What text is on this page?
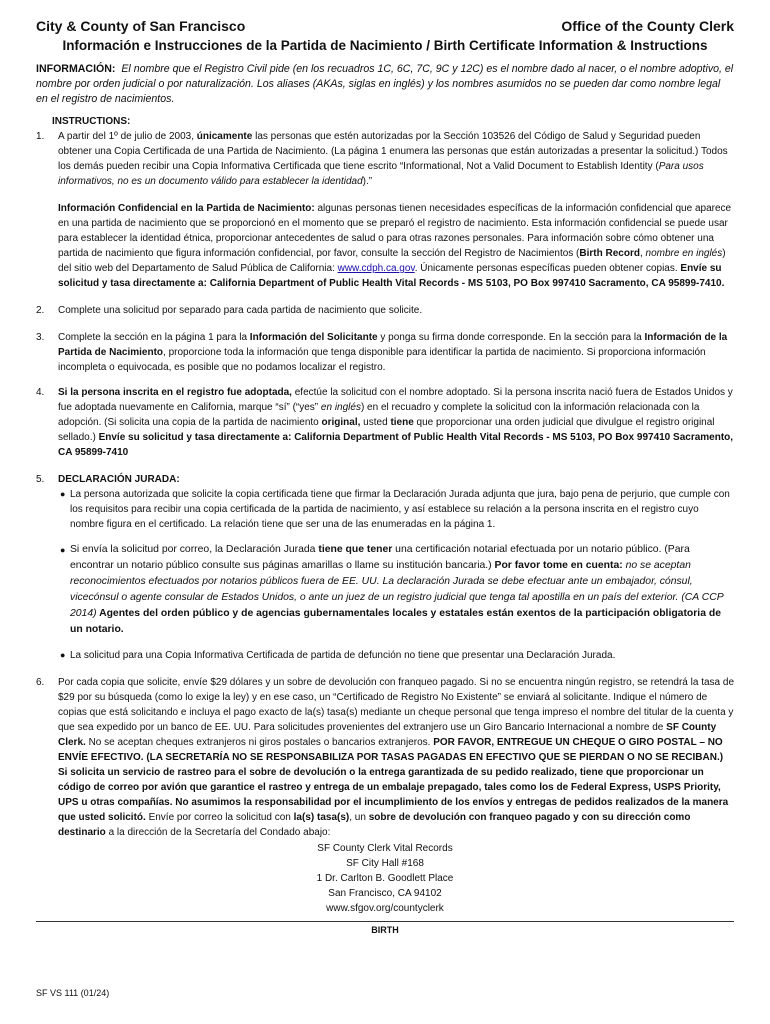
City & County of San Francisco	Office of the County Clerk
Información e Instrucciones de la Partida de Nacimiento / Birth Certificate Information & Instructions
INFORMACIÓN: El nombre que el Registro Civil pide (en los recuadros 1C, 6C, 7C, 9C y 12C) es el nombre dado al nacer, o el nombre adoptivo, el nombre por orden judicial o por naturalización. Los aliases (AKAs, siglas en inglés) y los nombres asumidos no se pueden dar como nombre legal en el registro de nacimientos.
INSTRUCTIONS:
1.	A partir del 1º de julio de 2003, únicamente las personas que estén autorizadas por la Sección 103526 del Código de Salud y Seguridad pueden obtener una Copia Certificada de una Partida de Nacimiento. (La página 1 enumera las personas que están autorizadas a presentar la solicitud.) Todos los demás pueden recibir una Copia Informativa Certificada que tiene escrito “Informational, Not a Valid Document to Establish Identity (Para usos informativos, no es un documento válido para establecer la identidad).”

Información Confidencial en la Partida de Nacimiento: algunas personas tienen necesidades específicas de la información confidencial que aparece en una partida de nacimiento que se proporcionó en el momento que se preparó el registro de nacimiento. Esta información confidencial se puede usar para establecer la identidad étnica, proporcionar antecedentes de salud o para otras razones personales. Para información sobre cómo obtener una partida de nacimiento que figura información confidencial, por favor, consulte la sección del Registro de Nacimientos (Birth Record, nombre en inglés) del sitio web del Departamento de Salud Pública de California: www.cdph.ca.gov. Únicamente personas específicas pueden obtener copias. Envíe su solicitud y tasa directamente a: California Department of Public Health Vital Records - MS 5103, PO Box 997410 Sacramento, CA 95899-7410.

2.	Complete una solicitud por separado para cada partida de nacimiento que solicite.
3.	Complete la sección en la página 1 para la Información del Solicitante y ponga su firma donde corresponde. En la sección para la Información de la Partida de Nacimiento, proporcione toda la información que tenga disponible para identificar la partida de nacimiento. Si proporciona información incompleta o equivocada, es posible que no podamos localizar el registro.
4.	Si la persona inscrita en el registro fue adoptada, efectúe la solicitud con el nombre adoptado. Si la persona inscrita nació fuera de Estados Unidos y fue adoptada nuevamente en California, marque “sí” (“yes” en inglés) en el recuadro y complete la solicitud con la información relacionada con la adopción. (Si solicita una copia de la partida de nacimiento original, usted tiene que proporcionar una orden judicial que divulgue el registro original sellado.) Envíe su solicitud y tasa directamente a: California Department of Public Health Vital Records - MS 5103, PO Box 997410 Sacramento, CA 95899-7410
5.	DECLARACIÓN JURADA:
● La persona autorizada que solicite la copia certificada tiene que firmar la Declaración Jurada adjunta que jura, bajo pena de perjurio, que cumple con los requisitos para recibir una copia certificada de la partida de nacimiento, y así establece su relación a la persona inscrita en el registro cuyo nombre figura en el certificado. La relación tiene que ser una de las enumeradas en la página 1.
● Si envía la solicitud por correo, la Declaración Jurada tiene que tener una certificación notarial efectuada por un notario público. (Para encontrar un notario público consulte sus páginas amarillas o llame su institución bancaria.) Por favor tome en cuenta: no se aceptan reconocimientos efectuados por notarios públicos fuera de EE. UU. La declaración Jurada se debe efectuar ante un embajador, cónsul, vicecónsul o agente consular de Estados Unidos, o ante un juez de un registro judicial que tenga tal apostilla en un país del exterior. (CA CCP 2014) Agentes del orden público y de agencias gubernamentales locales y estatales están exentos de la participación obligatoria de un notario.
● La solicitud para una Copia Informativa Certificada de partida de defunción no tiene que presentar una Declaración Jurada.
6.	Por cada copia que solicite, envíe $29 dólares y un sobre de devolución con franqueo pagado. Si no se encuentra ningún registro, se retendrá la tasa de $29 por su búsqueda (como lo exige la ley) y en ese caso, un “Certificado de Registro No Existente” se enviará al solicitante. Indique el número de copias que está solicitando e incluya el pago exacto de la(s) tasa(s) mediante un cheque personal que tenga impreso el nombre del titular de la cuenta y que sea expedido por un banco de EE. UU. Para solicitudes provenientes del extranjero use un Giro Bancario Internacional a nombre de SF County Clerk. No se aceptan cheques extranjeros ni giros postales o bancarios extranjeros. POR FAVOR, ENTREGUE UN CHEQUE O GIRO POSTAL – NO ENVÍE EFECTIVO. (LA SECRETARÍA NO SE RESPONSABILIZA POR TASAS PAGADAS EN EFECTIVO QUE SE PIERDAN O NO SE RECIBAN.) Si solicita un servicio de rastreo para el sobre de devolución o la entrega garantizada de su pedido realizado, tiene que proporcionar un código de correo por avión que garantice el rastreo y entrega de un embalaje prepagado, tales como los de Federal Express, USPS Priority, UPS u otras compañías. No asumimos la responsabilidad por el incumplimiento de los envíos y entregas de pedidos realizados de la manera que usted solicitó. Envíe por correo la solicitud con la(s) tasa(s), un sobre de devolución con franqueo pagado y con su dirección como destinario a la dirección de la Secretaría del Condado abajo:
SF County Clerk Vital Records
SF City Hall #168
1 Dr. Carlton B. Goodlett Place
San Francisco, CA 94102
www.sfgov.org/countyclerk
BIRTH
SF VS 111 (01/24)
